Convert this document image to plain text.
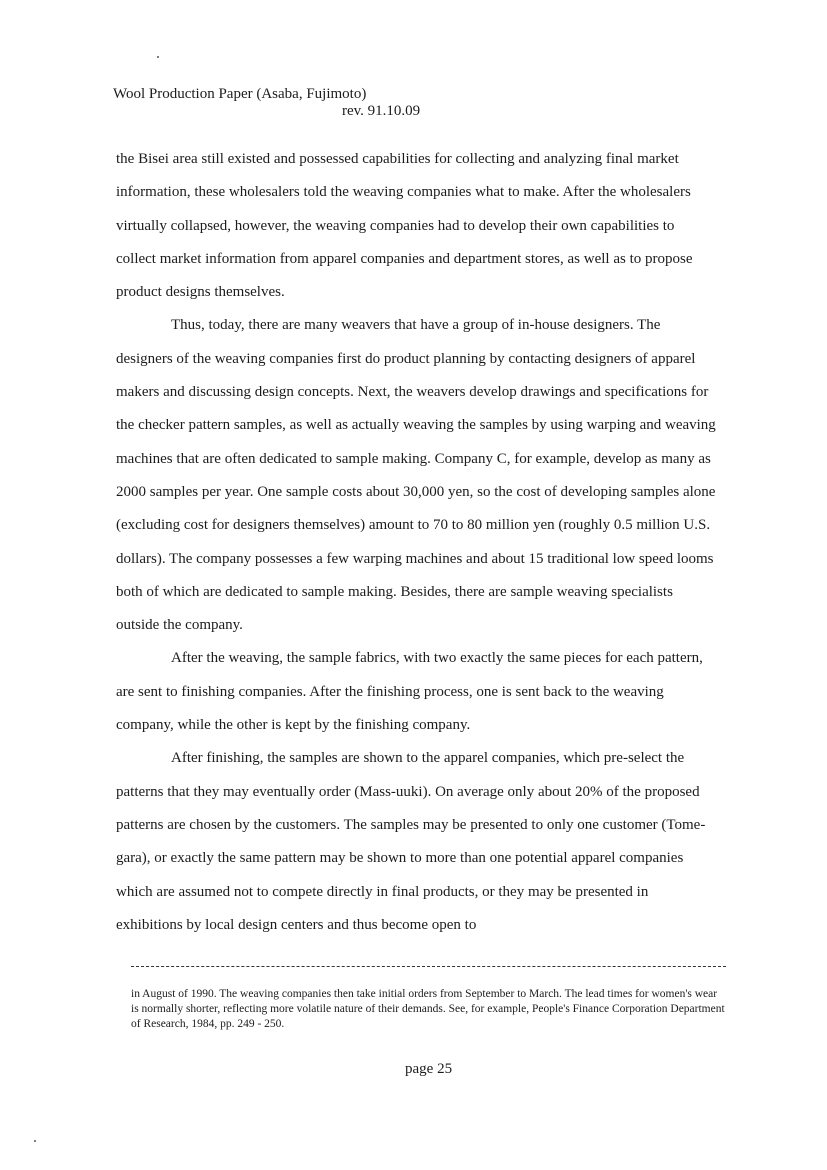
Wool Production Paper (Asaba, Fujimoto)
rev. 91.10.09

the Bisei area still existed and possessed capabilities for collecting and analyzing final market information, these wholesalers told the weaving companies what to make. After the wholesalers virtually collapsed, however, the weaving companies had to develop their own capabilities to collect market information from apparel companies and department stores, as well as to propose product designs themselves.

Thus, today, there are many weavers that have a group of in-house designers. The designers of the weaving companies first do product planning by contacting designers of apparel makers and discussing design concepts. Next, the weavers develop drawings and specifications for the checker pattern samples, as well as actually weaving the samples by using warping and weaving machines that are often dedicated to sample making. Company C, for example, develop as many as 2000 samples per year. One sample costs about 30,000 yen, so the cost of developing samples alone (excluding cost for designers themselves) amount to 70 to 80 million yen (roughly 0.5 million U.S. dollars). The company possesses a few warping machines and about 15 traditional low speed looms both of which are dedicated to sample making. Besides, there are sample weaving specialists outside the company.

After the weaving, the sample fabrics, with two exactly the same pieces for each pattern, are sent to finishing companies. After the finishing process, one is sent back to the weaving company, while the other is kept by the finishing company.

After finishing, the samples are shown to the apparel companies, which pre-select the patterns that they may eventually order (Mass-uuki). On average only about 20% of the proposed patterns are chosen by the customers. The samples may be presented to only one customer (Tome-gara), or exactly the same pattern may be shown to more than one potential apparel companies which are assumed not to compete directly in final products, or they may be presented in exhibitions by local design centers and thus become open to

in August of 1990. The weaving companies then take initial orders from September to March. The lead times for women's wear is normally shorter, reflecting more volatile nature of their demands. See, for example, People's Finance Corporation Department of Research, 1984, pp. 249 - 250.
page 25
